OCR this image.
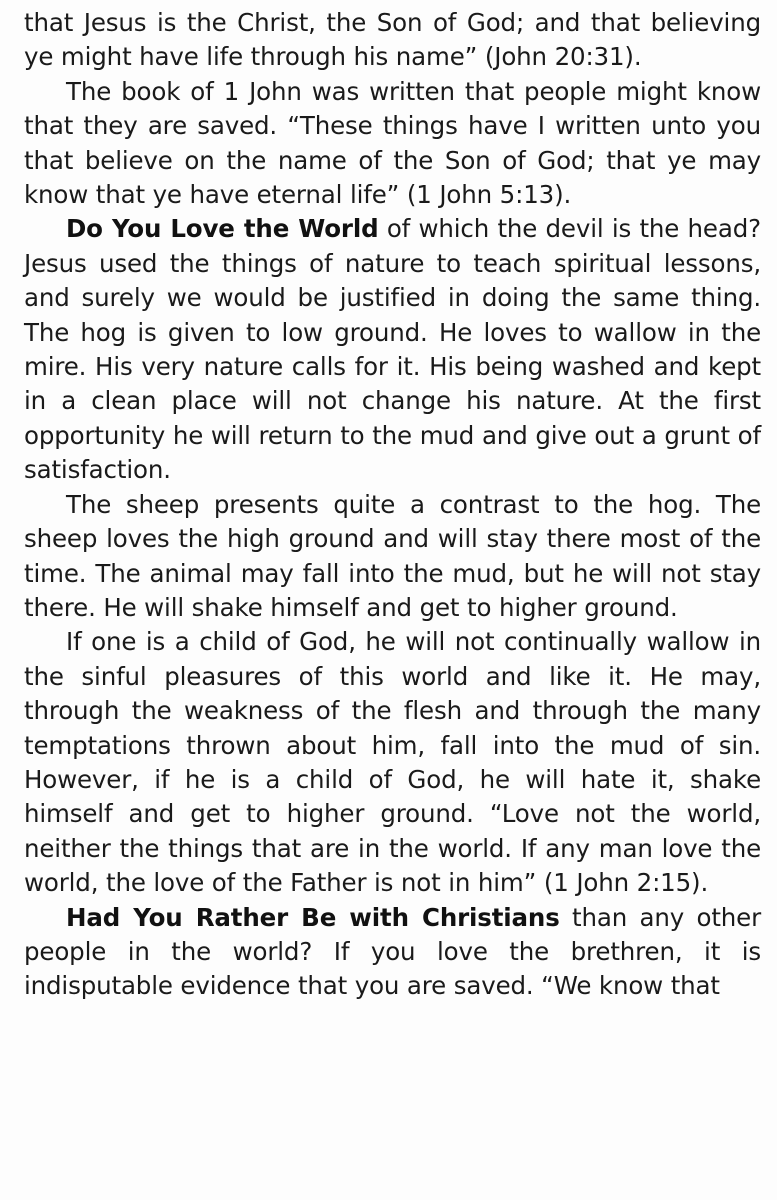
that Jesus is the Christ, the Son of God; and that believing ye might have life through his name” (John 20:31).

The book of 1 John was written that people might know that they are saved. “These things have I written unto you that believe on the name of the Son of God; that ye may know that ye have eternal life” (1 John 5:13).

Do You Love the World of which the devil is the head? Jesus used the things of nature to teach spiritual lessons, and surely we would be justified in doing the same thing. The hog is given to low ground. He loves to wallow in the mire. His very nature calls for it. His being washed and kept in a clean place will not change his nature. At the first opportunity he will return to the mud and give out a grunt of satisfaction.

The sheep presents quite a contrast to the hog. The sheep loves the high ground and will stay there most of the time. The animal may fall into the mud, but he will not stay there. He will shake himself and get to higher ground.

If one is a child of God, he will not continually wallow in the sinful pleasures of this world and like it. He may, through the weakness of the flesh and through the many temptations thrown about him, fall into the mud of sin. However, if he is a child of God, he will hate it, shake himself and get to higher ground. “Love not the world, neither the things that are in the world. If any man love the world, the love of the Father is not in him” (1 John 2:15).

Had You Rather Be with Christians than any other people in the world? If you love the brethren, it is indisputable evidence that you are saved. “We know that
